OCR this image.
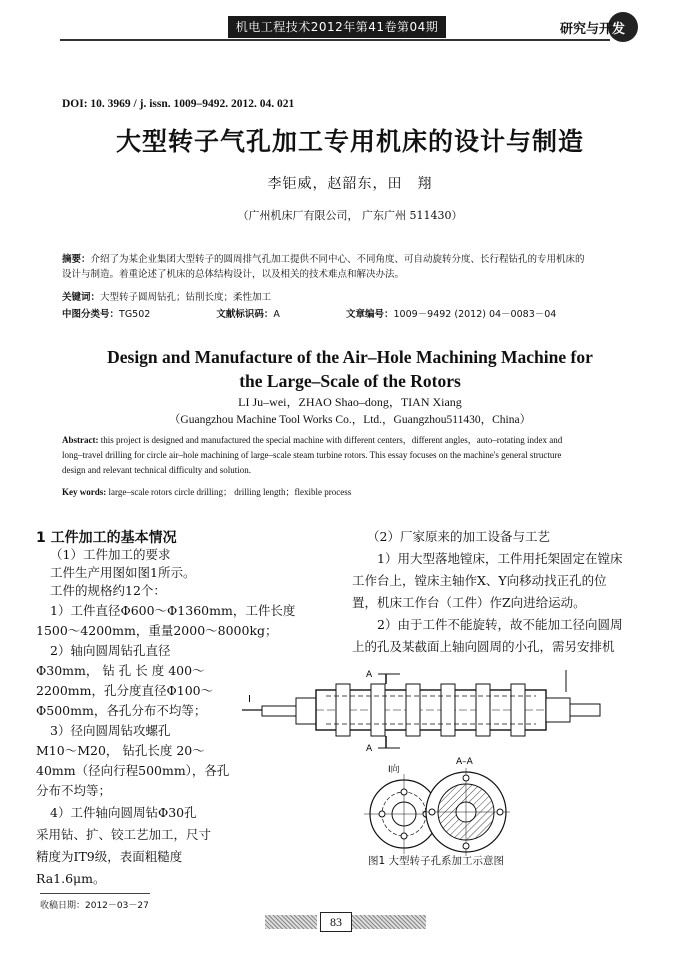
机电工程技术2012年第41卷第04期	研究与开发
DOI: 10. 3969 / j. issn. 1009–9492. 2012. 04. 021
大型转子气孔加工专用机床的设计与制造
李钜威，赵韶东，田　翔
（广州机床厂有限公司， 广东广州 511430）
摘要：介绍了为某企业集团大型转子的圆周排气孔加工提供不同中心、不同角度、可自动旋转分度、长行程钻孔的专用机床的
设计与制造。着重论述了机床的总体结构设计，以及相关的技术难点和解决办法。
关键词：大型转子圆周钻孔；钻削长度；柔性加工
中图分类号：TG502	文献标识码：A	文章编号：1009－9492 (2012) 04－0083－04
Design and Manufacture of the Air–Hole Machining Machine for
the Large–Scale of the Rotors
LI Ju–wei，ZHAO Shao–dong，TIAN Xiang
（Guangzhou Machine Tool Works Co.，Ltd.，Guangzhou511430，China）
Abstract: this project is designed and manufactured the special machine with different centers，different angles，auto–rotating index and
long–travel drilling for circle air–hole machining of large–scale steam turbine rotors. This essay focuses on the machine's general structure
design and relevant technical difficulty and solution.
Key words: large–scale rotors circle drilling； drilling length；flexible process
1 工件加工的基本情况
（1）工件加工的要求
工件生产用图如图1所示。
工件的规格约12个：
1）工件直径Φ600～Φ1360mm，工件长度
1500～4200mm，重量2000～8000kg；
2）轴向圆周钻孔直径
Φ30mm， 钻 孔 长 度 400～
2200mm，孔分度直径Φ100～
Φ500mm，各孔分布不均等；
3）径向圆周钻攻螺孔
M10～M20， 钻孔长度 20～
40mm（径向行程500mm），各孔
分布不均等；
4）工件轴向圆周钻Φ30孔
采用钻、扩、铰工艺加工，尺寸
精度为IT9级，表面粗糙度
（2）厂家原来的加工设备与工艺
1）用大型落地镗床，工件用托架固定在镗床
工作台上，镗床主轴作X、Y向移动找正孔的位
置，机床工作台（工件）作Z向进给运动。
2）由于工件不能旋转，故不能加工径向圆周
上的孔及某截面上轴向圆周的小孔，需另安排机
A
A
I
I向
A–A
图1 大型转子孔系加工示意图
收稿日期：2012－03－27
83
Ra1.6μm。
